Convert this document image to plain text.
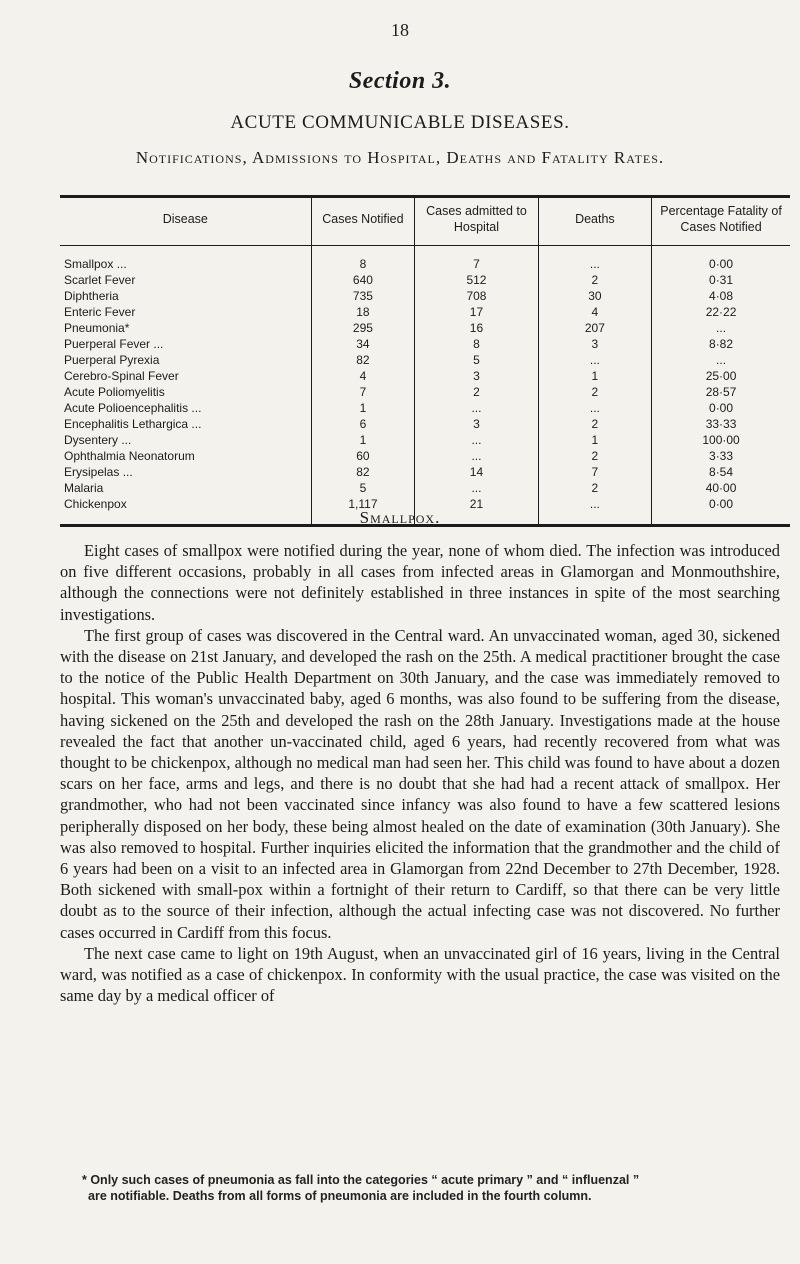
18
Section 3.
ACUTE COMMUNICABLE DISEASES.
Notifications, Admissions to Hospital, Deaths and Fatality Rates.
Disease	Cases Notified	Cases admitted to Hospital	Deaths	Percentage Fatality of Cases Notified
Smallpox ...	8	7	...	0·00
Scarlet Fever	640	512	2	0·31
Diphtheria	735	708	30	4·08
Enteric Fever	18	17	4	22·22
Pneumonia*	295	16	207	...
Puerperal Fever ...	34	8	3	8·82
Puerperal Pyrexia	82	5	...	...
Cerebro-Spinal Fever	4	3	1	25·00
Acute Poliomyelitis	7	2	2	28·57
Acute Polioencephalitis ...	1	...	...	0·00
Encephalitis Lethargica ...	6	3	2	33·33
Dysentery ...	1	...	1	100·00
Ophthalmia Neonatorum	60	...	2	3·33
Erysipelas ...	82	14	7	8·54
Malaria	5	...	2	40·00
Chickenpox	1,117	21	...	0·00
Smallpox.

Eight cases of smallpox were notified during the year, none of whom died. The infection was introduced on five different occasions, probably in all cases from infected areas in Glamorgan and Monmouthshire, although the connections were not definitely established in three instances in spite of the most searching investigations.

The first group of cases was discovered in the Central ward. An unvaccinated woman, aged 30, sickened with the disease on 21st January, and developed the rash on the 25th. A medical practitioner brought the case to the notice of the Public Health Department on 30th January, and the case was immediately removed to hospital. This woman's unvaccinated baby, aged 6 months, was also found to be suffering from the disease, having sickened on the 25th and developed the rash on the 28th January. Investigations made at the house revealed the fact that another un-vaccinated child, aged 6 years, had recently recovered from what was thought to be chickenpox, although no medical man had seen her. This child was found to have about a dozen scars on her face, arms and legs, and there is no doubt that she had had a recent attack of smallpox. Her grandmother, who had not been vaccinated since infancy was also found to have a few scattered lesions peripherally disposed on her body, these being almost healed on the date of examination (30th January). She was also removed to hospital. Further inquiries elicited the information that the grandmother and the child of 6 years had been on a visit to an infected area in Glamorgan from 22nd December to 27th December, 1928. Both sickened with small-pox within a fortnight of their return to Cardiff, so that there can be very little doubt as to the source of their infection, although the actual infecting case was not discovered. No further cases occurred in Cardiff from this focus.

The next case came to light on 19th August, when an unvaccinated girl of 16 years, living in the Central ward, was notified as a case of chickenpox. In conformity with the usual practice, the case was visited on the same day by a medical officer of

* Only such cases of pneumonia as fall into the categories “ acute primary ” and “ influenzal ”
are notifiable. Deaths from all forms of pneumonia are included in the fourth column.
